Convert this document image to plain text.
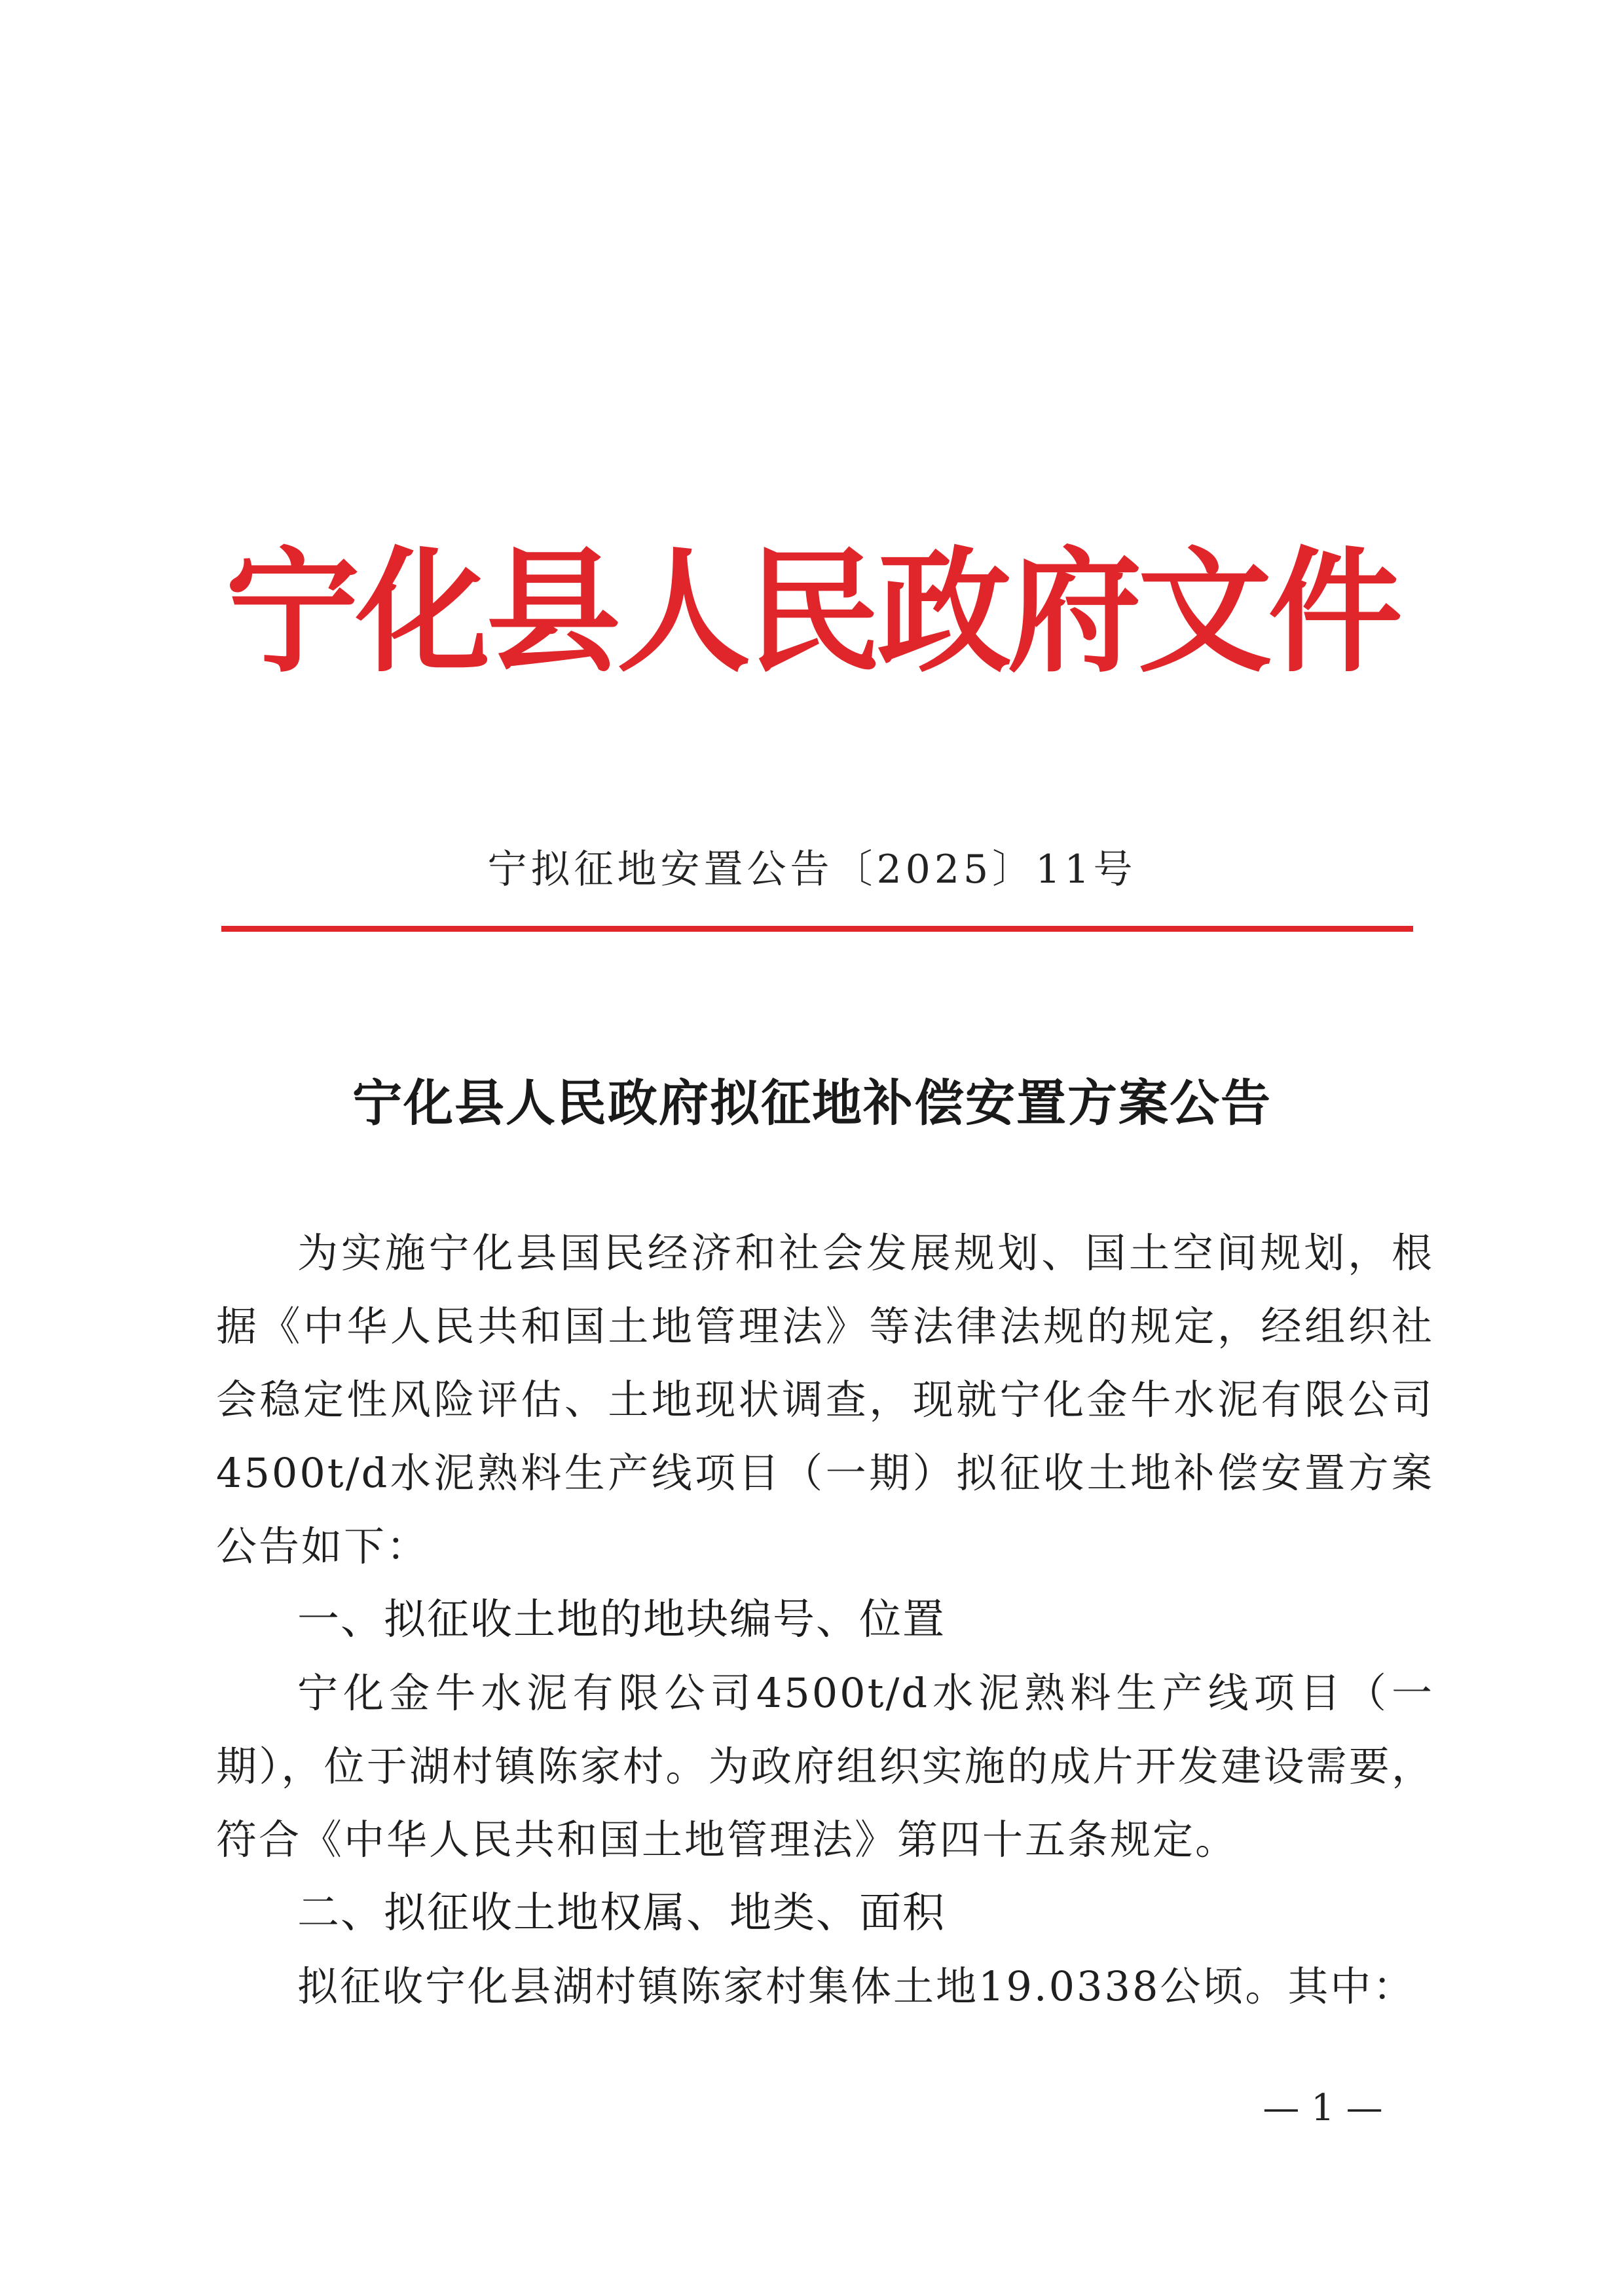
宁化县人民政府文件
宁拟征地安置公告〔2025〕11号
宁化县人民政府拟征地补偿安置方案公告

为实施宁化县国民经济和社会发展规划、国土空间规划，根据《中华人民共和国土地管理法》等法律法规的规定，经组织社会稳定性风险评估、土地现状调查，现就宁化金牛水泥有限公司4500t/d水泥熟料生产线项目（一期）拟征收土地补偿安置方案公告如下：

一、拟征收土地的地块编号、位置

宁化金牛水泥有限公司4500t/d水泥熟料生产线项目（一期），位于湖村镇陈家村。为政府组织实施的成片开发建设需要，符合《中华人民共和国土地管理法》第四十五条规定。

二、拟征收土地权属、地类、面积

拟征收宁化县湖村镇陈家村集体土地19.0338公顷。其中：

— 1 —
